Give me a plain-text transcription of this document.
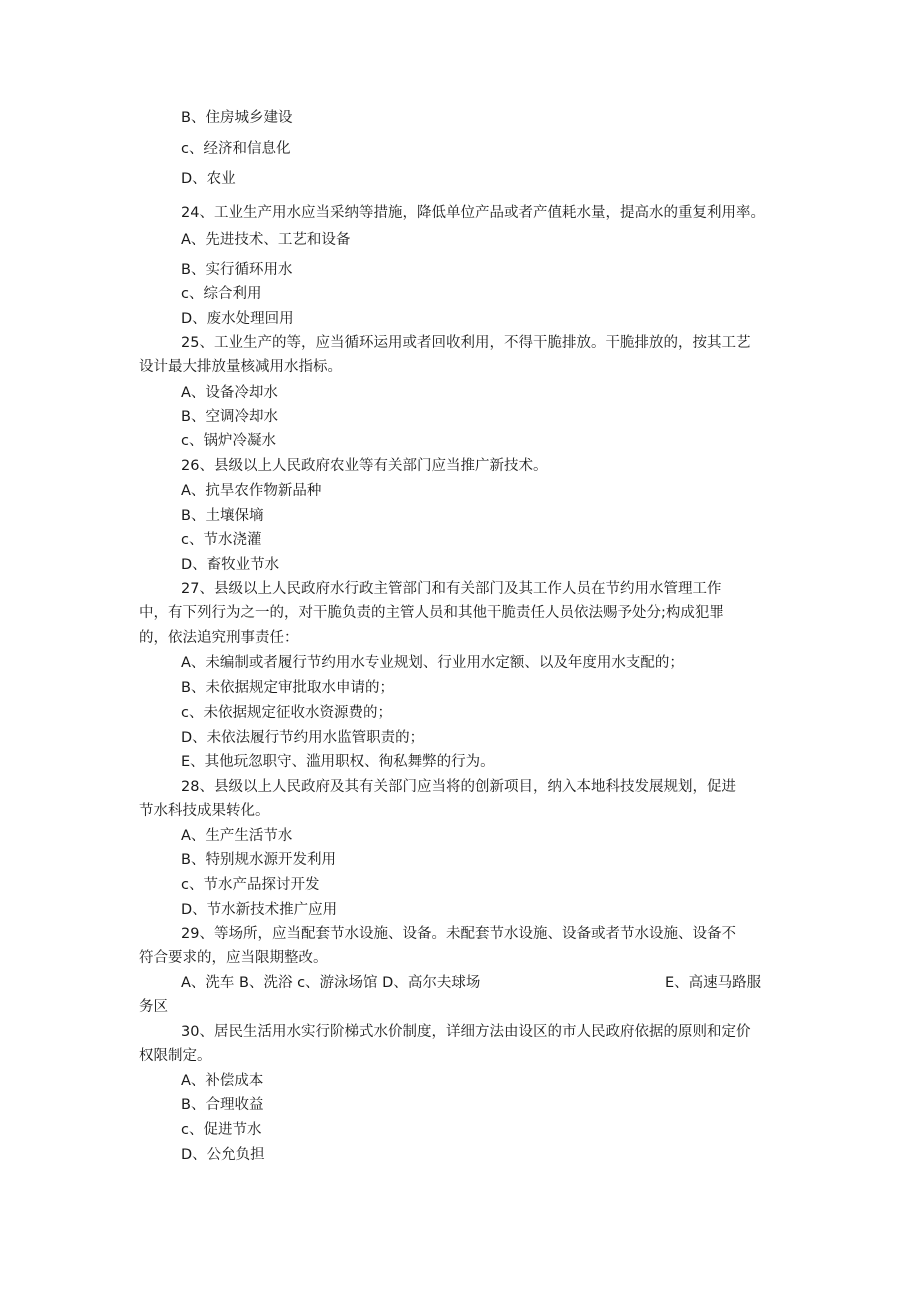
B、住房城乡建设
c、经济和信息化
D、农业
24、工业生产用水应当采纳等措施，降低单位产品或者产值耗水量，提高水的重复利用率。
A、先进技术、工艺和设备
B、实行循环用水
c、综合利用
D、废水处理回用
25、工业生产的等，应当循环运用或者回收利用，不得干脆排放。干脆排放的，按其工艺
设计最大排放量核减用水指标。
A、设备冷却水
B、空调冷却水
c、锅炉冷凝水
26、县级以上人民政府农业等有关部门应当推广新技术。
A、抗旱农作物新品种
B、土壤保墒
c、节水浇灌
D、畜牧业节水
27、县级以上人民政府水行政主管部门和有关部门及其工作人员在节约用水管理工作
中，有下列行为之一的，对干脆负责的主管人员和其他干脆责任人员依法赐予处分;构成犯罪
的，依法追究刑事责任：
A、未编制或者履行节约用水专业规划、行业用水定额、以及年度用水支配的；
B、未依据规定审批取水申请的；
c、未依据规定征收水资源费的；
D、未依法履行节约用水监管职责的；
E、其他玩忽职守、滥用职权、徇私舞弊的行为。
28、县级以上人民政府及其有关部门应当将的创新项目，纳入本地科技发展规划，促进
节水科技成果转化。
A、生产生活节水
B、特别规水源开发利用
c、节水产品探讨开发
D、节水新技术推广应用
29、等场所，应当配套节水设施、设备。未配套节水设施、设备或者节水设施、设备不
符合要求的，应当限期整改。
A、洗车 B、洗浴 c、游泳场馆 D、高尔夫球场	E、高速马路服
务区
30、居民生活用水实行阶梯式水价制度，详细方法由设区的市人民政府依据的原则和定价
权限制定。
A、补偿成本
B、合理收益
c、促进节水
D、公允负担
